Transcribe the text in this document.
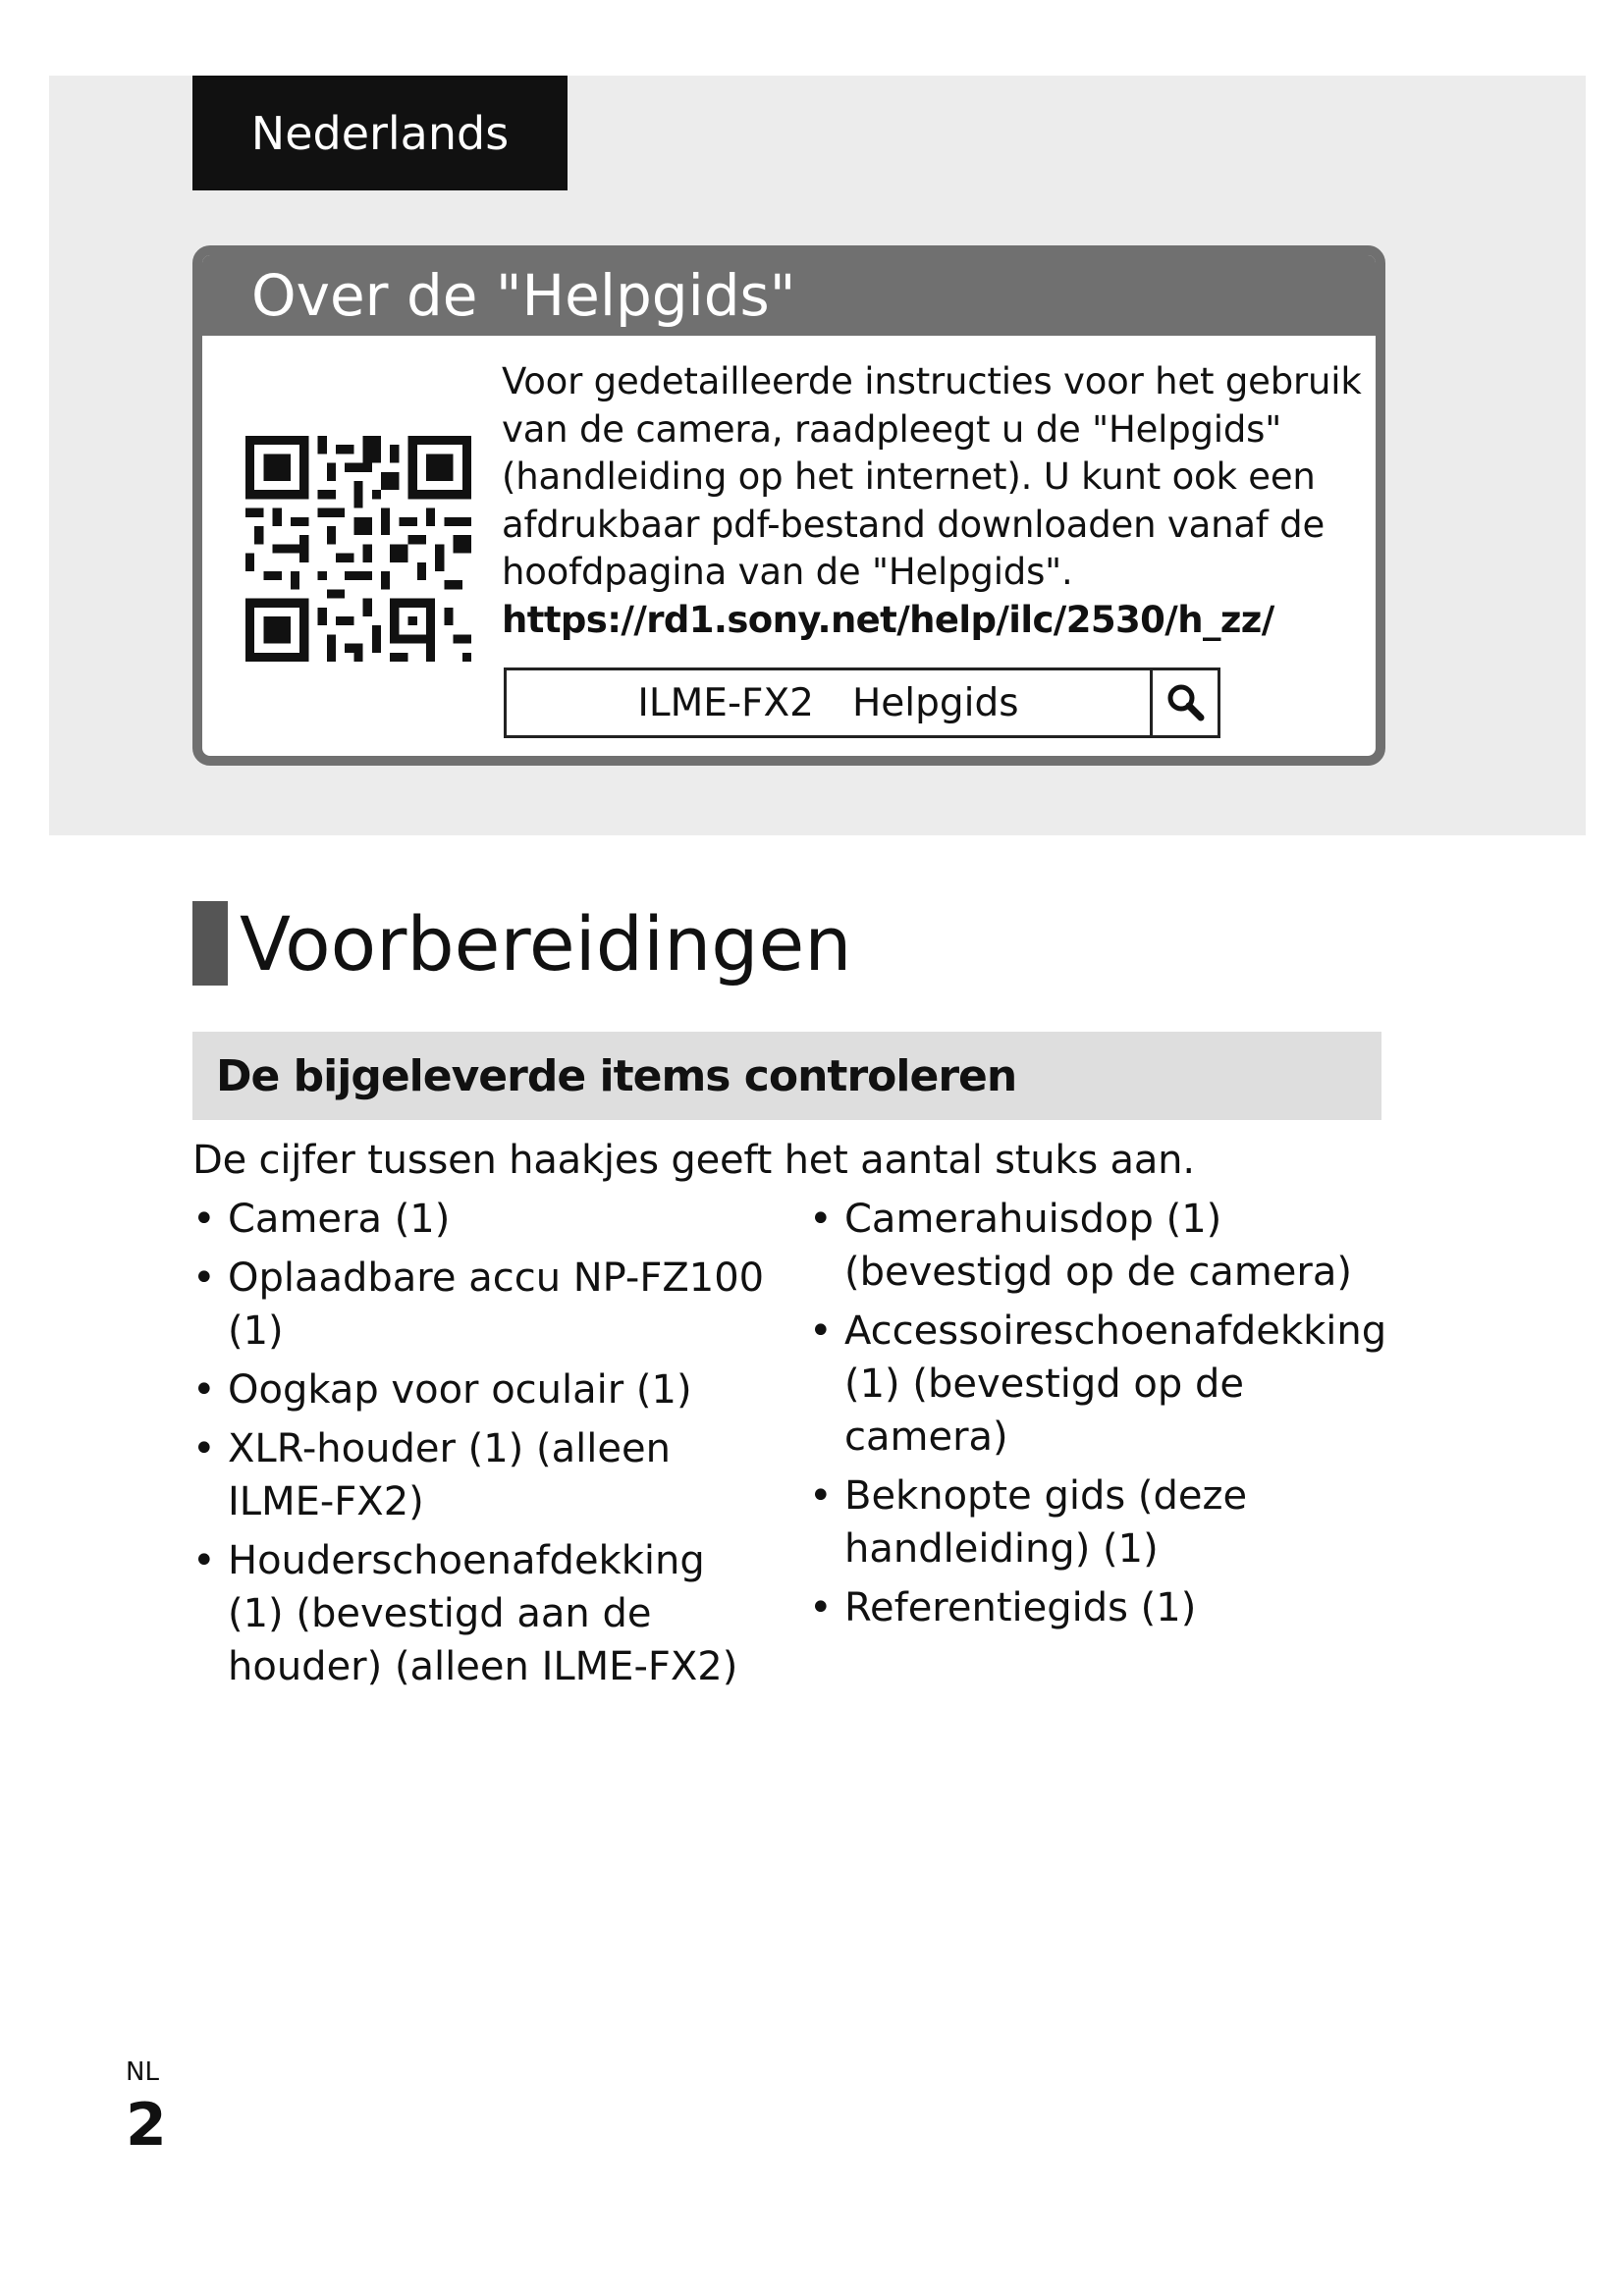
Nederlands
Over de "Helpgids"

Voor gedetailleerde instructies voor het gebruik van de camera, raadpleegt u de "Helpgids" (handleiding op het internet). U kunt ook een afdrukbaar pdf-bestand downloaden vanaf de hoofdpagina van de "Helpgids".

https://rd1.sony.net/help/ilc/2530/h_zz/

ILME-FX2 Helpgids
Voorbereidingen
De bijgeleverde items controleren
De cijfer tussen haakjes geeft het aantal stuks aan.
• Camera (1)
• Oplaadbare accu NP-FZ100 (1)
• Oogkap voor oculair (1)
• XLR-houder (1) (alleen ILME-FX2)
• Houderschoenafdekking (1) (bevestigd aan de houder) (alleen ILME-FX2)
• Camerahuisdop (1) (bevestigd op de camera)
• Accessoireschoenafdekking (1) (bevestigd op de camera)
• Beknopte gids (deze handleiding) (1)
• Referentiegids (1)
NL
2
